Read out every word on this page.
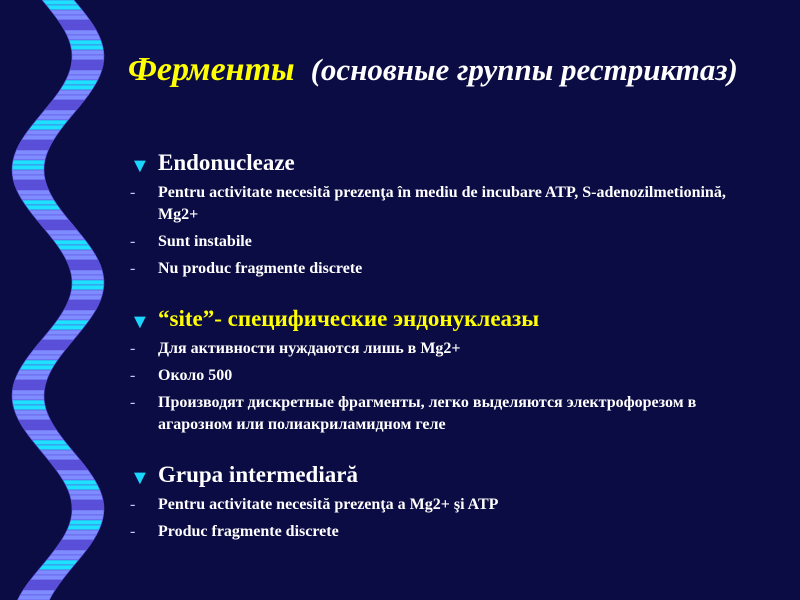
Ферменты (основные группы рестриктаз)
▼ Endonucleaze
- Pentru activitate necesită prezenţa în mediu de incubare ATP, S-adenozilmetionină, Mg2+
- Sunt instabile
- Nu produc fragmente discrete
▼ “site”- специфические эндонуклеазы
- Для активности нуждаются лишь в Mg2+
- Около 500
- Производят дискретные фрагменты, легко выделяются электрофорезом в агарозном или полиакриламидном геле
▼ Grupa intermediară
- Pentru activitate necesită prezenţa a Mg2+ şi ATP
- Produc fragmente discrete
